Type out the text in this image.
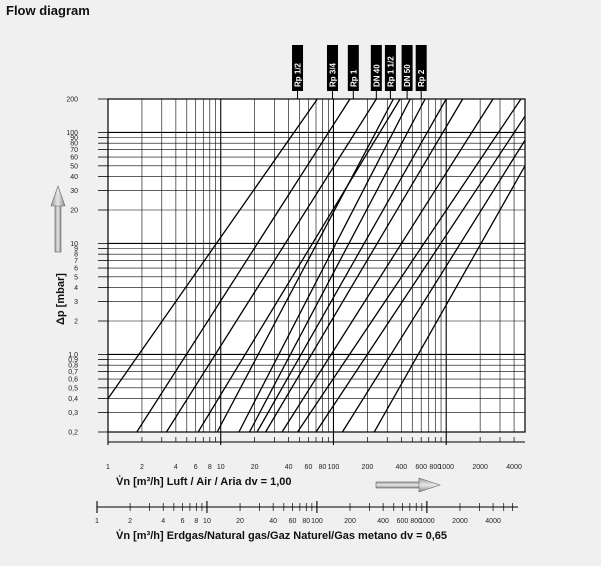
Flow diagram
200
100
90
80
70
60
50
40
30
20
10
9
8
7
6
5
4
3
2
1,0
0,9
0,8
0,7
0,6
0,5
0,4
0,3
0,2
Rp 1/2	Rp 3/4 Rp 1 DN 40 Rp 1 1/2 DN 50 Rp 2
1	2	4 6 8 10	20	40 60 80 100	200	400 600 800
1000	2000	4000
1	2	4 6 8 10	20	40 60 80 100	200	400 600 800
1000	2000	4000
Δp [mbar]
V̇n [m³/h] Luft / Air / Aria dv = 1,00
V̇n [m³/h] Erdgas/Natural gas/Gaz Naturel/Gas metano dv = 0,65
